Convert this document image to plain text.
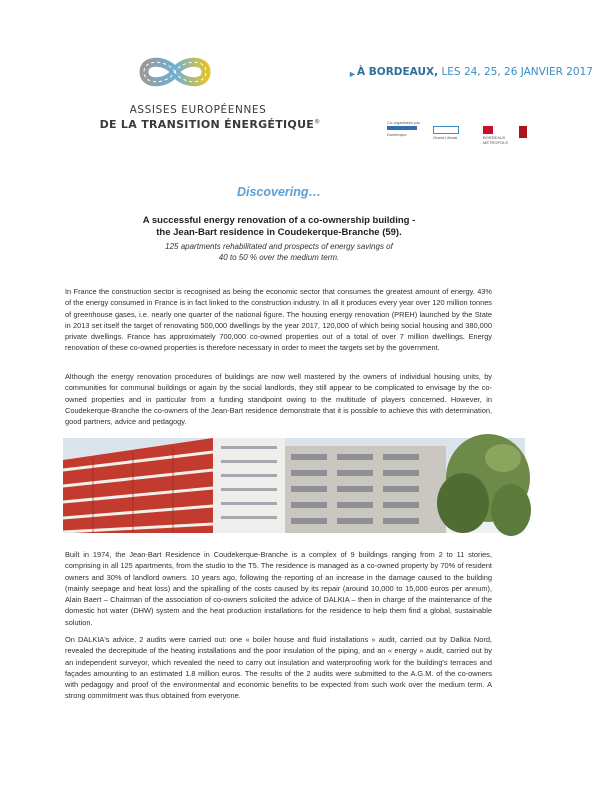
ASSISES EUROPÉENNES
DE LA TRANSITION ÉNERGÉTIQUE®
► À BORDEAUX, LES 24, 25, 26 JANVIER 2017
Co-organisées par
Dunkerque
Grand Littoral	BORDEAUX MÉTROPOLE
Discovering…
A successful energy renovation of a co-ownership building -
the Jean-Bart residence in Coudekerque-Branche (59).
125 apartments rehabilitated and prospects of energy savings of
40 to 50 % over the medium term.

In France the construction sector is recognised as being the economic sector that consumes the greatest amount of energy. 43% of the energy consumed in France is in fact linked to the construction industry. In all it produces every year over 120 million tonnes of greenhouse gases, i.e. nearly one quarter of the national figure. The housing energy renovation (PREH) launched by the State in 2013 set itself the target of renovating 500,000 dwellings by the year 2017, 120,000 of which being social housing and 380,000 private dwellings. France has approximately 700,000 co-owned properties out of a total of over 7 million dwellings. Energy renovation of these co-owned properties is therefore necessary in order to meet the targets set by the government.

Although the energy renovation procedures of buildings are now well mastered by the owners of individual housing units, by communities for communal buildings or again by the social landlords, they still appear to be complicated to envisage by the co-owned properties and in particular from a funding standpoint owing to the multitude of players concerned. However, in Coudekerque-Branche the co-owners of the Jean-Bart residence demonstrate that it is possible to achieve this with determination, good partners, advice and pedagogy.

Built in 1974, the Jean-Bart Residence in Coudekerque-Branche is a complex of 9 buildings ranging from 2 to 11 stories, comprising in all 125 apartments, from the studio to the T5. The residence is managed as a co-owned property by 70% of resident owners and 30% of landlord owners. 10 years ago, following the reporting of an increase in the damage caused to the building (mainly seepage and heat loss) and the spiralling of the costs caused by its repair (around 10,000 to 15,000 euros per annum), Alain Baert – Chairman of the association of co-owners solicited the advice of DALKIA – then in charge of the maintenance of the domestic hot water (DHW) system and the heat production installations for the residence to help them find a global, sustainable solution.

On DALKIA's advice, 2 audits were carried out: one « boiler house and fluid installations » audit, carried out by Dalkia Nord, revealed the decrepitude of the heating installations and the poor insulation of the piping, and an « energy » audit, carried out by an independent surveyor, which revealed the need to carry out insulation and waterproofing work for the building's terraces and façades amounting to an estimated 1.8 million euros. The results of the 2 audits were submitted to the A.G.M. of the co-owners with pedagogy and proof of the environmental and economic benefits to be expected from such work over the medium term. A strong commitment was thus obtained from everyone.
